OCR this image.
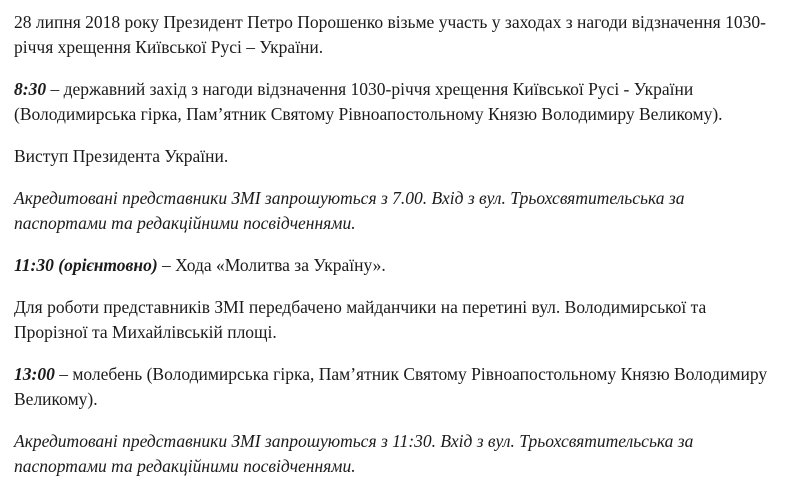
28 липня 2018 року Президент Петро Порошенко візьме участь у заходах з нагоди відзначення 1030-річчя хрещення Київської Русі – України.

8:30 – державний захід з нагоди відзначення 1030-річчя хрещення Київської Русі - України (Володимирська гірка, Пам’ятник Святому Рівноапостольному Князю Володимиру Великому).

Виступ Президента України.

Акредитовані представники ЗМІ запрошуються з 7.00. Вхід з вул. Трьохсвятительська за паспортами та редакційними посвідченнями.

11:30 (орієнтовно) – Хода «Молитва за Україну».

Для роботи представників ЗМІ передбачено майданчики на перетині вул. Володимирської та Прорізної та Михайлівській площі.

13:00 – молебень (Володимирська гірка, Пам’ятник Святому Рівноапостольному Князю Володимиру Великому).

Акредитовані представники ЗМІ запрошуються з 11:30. Вхід з вул. Трьохсвятительська за паспортами та редакційними посвідченнями.
